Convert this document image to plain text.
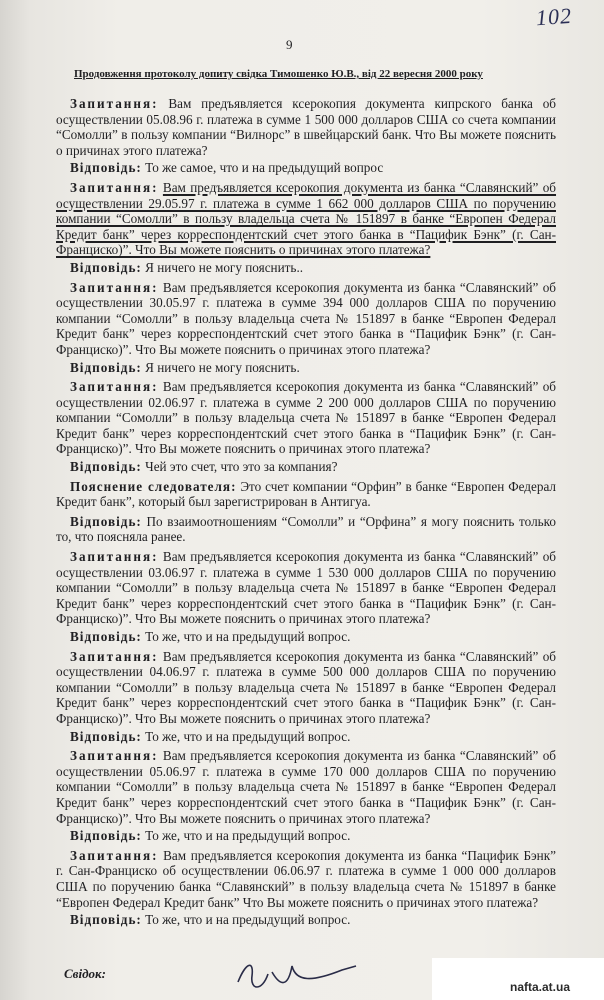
102
9
Продовження протоколу допиту свідка Тимошенко Ю.В., від 22 вересня 2000 року

Запитання: Вам предъявляется ксерокопия документа кипрского банка об осуществлении 05.08.96 г. платежа в сумме 1 500 000 долларов США со счета компании “Сомолли” в пользу компании “Вилнорс” в швейцарский банк. Что Вы можете пояснить о причинах этого платежа?

Відповідь: То же самое, что и на предыдущий вопрос

Запитання: Вам предъявляется ксерокопия документа из банка “Славянский” об осуществлении 29.05.97 г. платежа в сумме 1 662 000 долларов США по поручению компании “Сомолли” в пользу владельца счета № 151897 в банке “Европен Федерал Кредит банк” через корреспондентский счет этого банка в “Пацифик Бэнк” (г. Сан-Франциско)”. Что Вы можете пояснить о причинах этого платежа?

Відповідь: Я ничего не могу пояснить..

Запитання: Вам предъявляется ксерокопия документа из банка “Славянский” об осуществлении 30.05.97 г. платежа в сумме 394 000 долларов США по поручению компании “Сомолли” в пользу владельца счета № 151897 в банке “Европен Федерал Кредит банк” через корреспондентский счет этого банка в “Пацифик Бэнк” (г. Сан-Франциско)”. Что Вы можете пояснить о причинах этого платежа?

Відповідь: Я ничего не могу пояснить.

Запитання: Вам предъявляется ксерокопия документа из банка “Славянский” об осуществлении 02.06.97 г. платежа в сумме 2 200 000 долларов США по поручению компании “Сомолли” в пользу владельца счета № 151897 в банке “Европен Федерал Кредит банк” через корреспондентский счет этого банка в “Пацифик Бэнк” (г. Сан-Франциско)”. Что Вы можете пояснить о причинах этого платежа?

Відповідь: Чей это счет, что это за компания?

Пояснение следователя: Это счет компании “Орфин” в банке “Европен Федерал Кредит банк”, который был зарегистрирован в Антигуа.

Відповідь: По взаимоотношениям “Сомолли” и “Орфина” я могу пояснить только то, что поясняла ранее.

Запитання: Вам предъявляется ксерокопия документа из банка “Славянский” об осуществлении 03.06.97 г. платежа в сумме 1 530 000 долларов США по поручению компании “Сомолли” в пользу владельца счета № 151897 в банке “Европен Федерал Кредит банк” через корреспондентский счет этого банка в “Пацифик Бэнк” (г. Сан-Франциско)”. Что Вы можете пояснить о причинах этого платежа?

Відповідь: То же, что и на предыдущий вопрос.

Запитання: Вам предъявляется ксерокопия документа из банка “Славянский” об осуществлении 04.06.97 г. платежа в сумме 500 000 долларов США по поручению компании “Сомолли” в пользу владельца счета № 151897 в банке “Европен Федерал Кредит банк” через корреспондентский счет этого банка в “Пацифик Бэнк” (г. Сан-Франциско)”. Что Вы можете пояснить о причинах этого платежа?

Відповідь: То же, что и на предыдущий вопрос.

Запитання: Вам предъявляется ксерокопия документа из банка “Славянский” об осуществлении 05.06.97 г. платежа в сумме 170 000 долларов США по поручению компании “Сомолли” в пользу владельца счета № 151897 в банке “Европен Федерал Кредит банк” через корреспондентский счет этого банка в “Пацифик Бэнк” (г. Сан-Франциско)”. Что Вы можете пояснить о причинах этого платежа?

Відповідь: То же, что и на предыдущий вопрос.

Запитання: Вам предъявляется ксерокопия документа из банка “Пацифик Бэнк” г. Сан-Франциско об осуществлении 06.06.97 г. платежа в сумме 1 000 000 долларов США по поручению банка “Славянский” в пользу владельца счета № 151897 в банке “Европен Федерал Кредит банк” Что Вы можете пояснить о причинах этого платежа?

Відповідь: То же, что и на предыдущий вопрос.

Свідок:
nafta.at.ua
